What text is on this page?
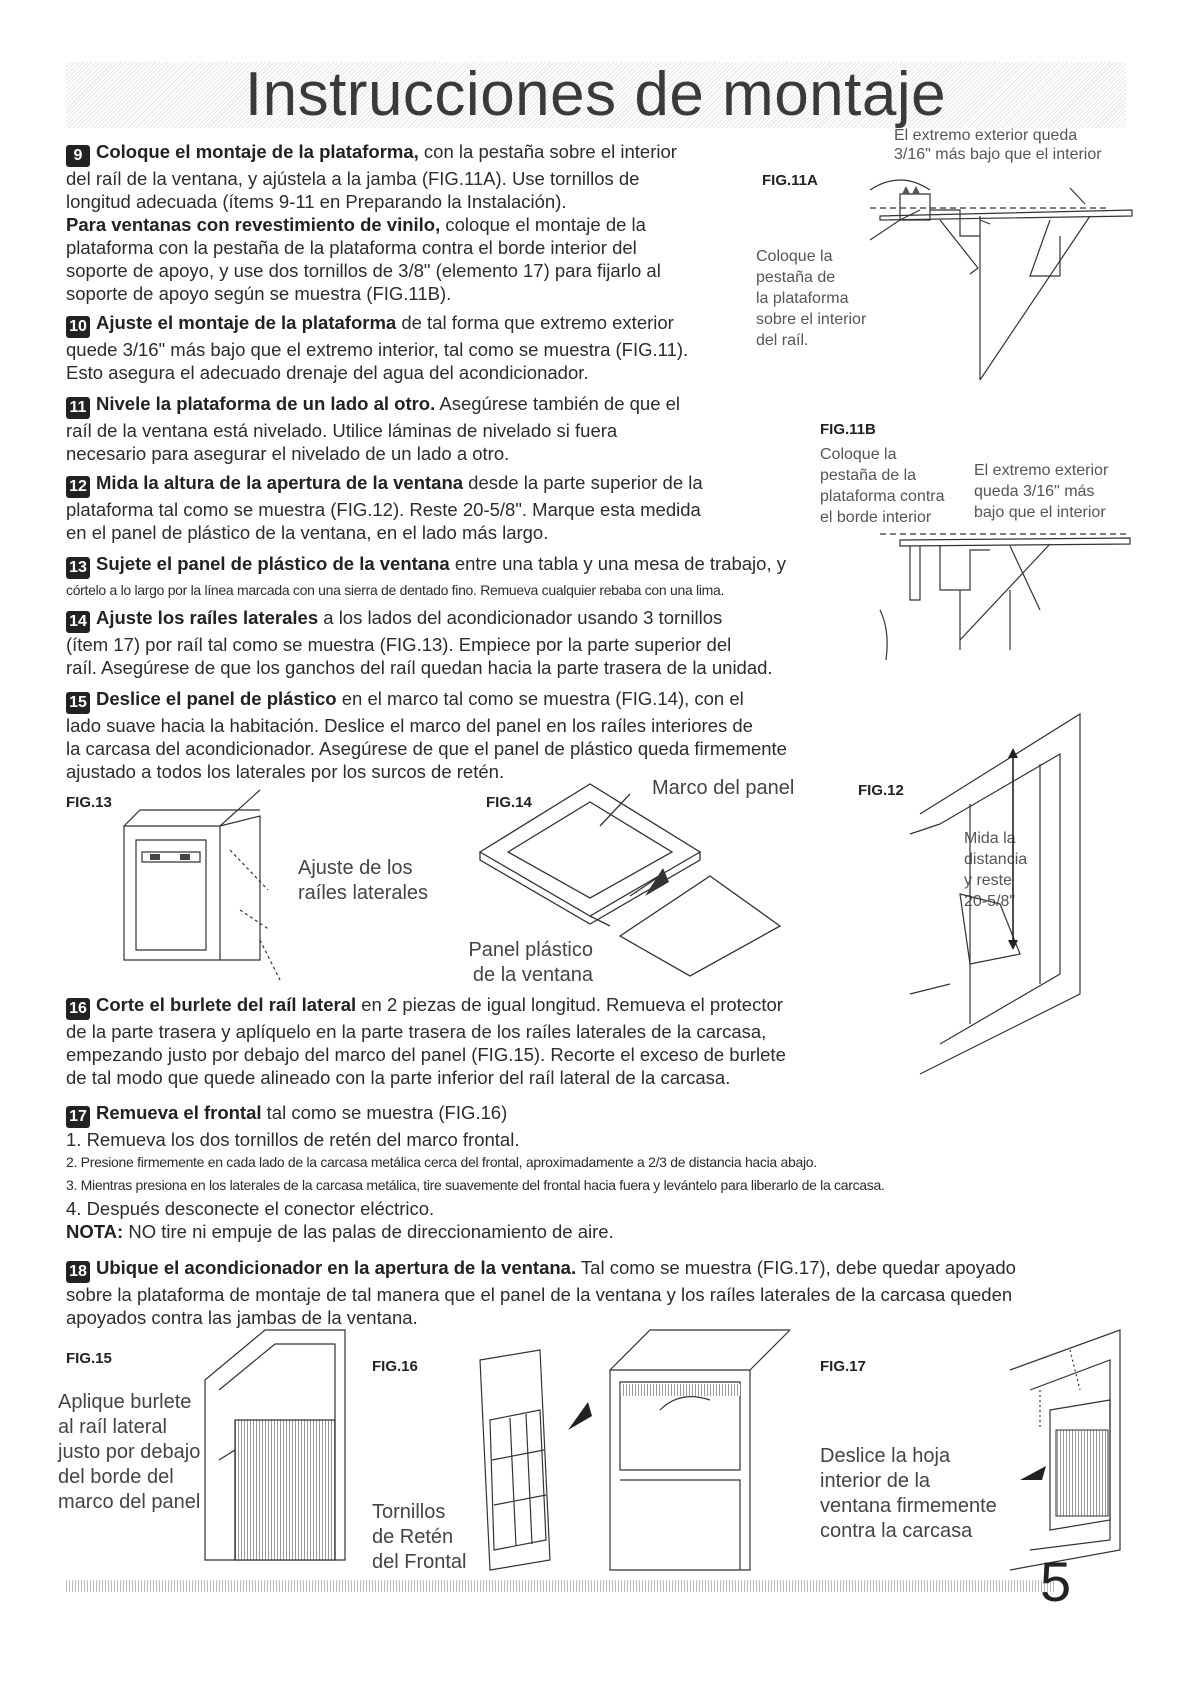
Instrucciones de montaje
9 Coloque el montaje de la plataforma, con la pestaña sobre el interior
del raíl de la ventana, y ajústela a la jamba (FIG.11A). Use tornillos de
longitud adecuada (ítems 9-11 en Preparando la Instalación).
Para ventanas con revestimiento de vinilo, coloque el montaje de la
plataforma con la pestaña de la plataforma contra el borde interior del
soporte de apoyo, y use dos tornillos de 3/8" (elemento 17) para fijarlo al
soporte de apoyo según se muestra (FIG.11B).
10 Ajuste el montaje de la plataforma de tal forma que extremo exterior
quede 3/16" más bajo que el extremo interior, tal como se muestra (FIG.11).
Esto asegura el adecuado drenaje del agua del acondicionador.
11 Nivele la plataforma de un lado al otro. Asegúrese también de que el
raíl de la ventana está nivelado. Utilice láminas de nivelado si fuera
necesario para asegurar el nivelado de un lado a otro.
12 Mida la altura de la apertura de la ventana desde la parte superior de la
plataforma tal como se muestra (FIG.12). Reste 20-5/8". Marque esta medida
en el panel de plástico de la ventana, en el lado más largo.
13 Sujete el panel de plástico de la ventana entre una tabla y una mesa de trabajo, y
córtelo a lo largo por la línea marcada con una sierra de dentado fino. Remueva cualquier rebaba con una lima.
14 Ajuste los raíles laterales a los lados del acondicionador usando 3 tornillos
(ítem 17) por raíl tal como se muestra (FIG.13). Empiece por la parte superior del
raíl. Asegúrese de que los ganchos del raíl quedan hacia la parte trasera de la unidad.
15 Deslice el panel de plástico en el marco tal como se muestra (FIG.14), con el
lado suave hacia la habitación. Deslice el marco del panel en los raíles interiores de
la carcasa del acondicionador. Asegúrese de que el panel de plástico queda firmemente
ajustado a todos los laterales por los surcos de retén.
16 Corte el burlete del raíl lateral en 2 piezas de igual longitud. Remueva el protector
de la parte trasera y aplíquelo en la parte trasera de los raíles laterales de la carcasa,
empezando justo por debajo del marco del panel (FIG.15). Recorte el exceso de burlete
de tal modo que quede alineado con la parte inferior del raíl lateral de la carcasa.
17 Remueva el frontal tal como se muestra (FIG.16)
1. Remueva los dos tornillos de retén del marco frontal.
2. Presione firmemente en cada lado de la carcasa metálica cerca del frontal, aproximadamente a 2/3 de distancia hacia abajo.
3. Mientras presiona en los laterales de la carcasa metálica, tire suavemente del frontal hacia fuera y levántelo para liberarlo de la carcasa.
4. Después desconecte el conector eléctrico.
NOTA: NO tire ni empuje de las palas de direccionamiento de aire.
18 Ubique el acondicionador en la apertura de la ventana. Tal como se muestra (FIG.17), debe quedar apoyado
sobre la plataforma de montaje de tal manera que el panel de la ventana y los raíles laterales de la carcasa queden
apoyados contra las jambas de la ventana.
El extremo exterior queda
3/16" más bajo que el interior
FIG.11A
Coloque la
pestaña de
la plataforma
sobre el interior
del raíl.
FIG.11B
Coloque la
pestaña de la
plataforma contra
el borde interior
El extremo exterior
queda 3/16" más
bajo que el interior
FIG.13
Ajuste de los
raíles laterales
FIG.14
Marco del panel
Panel plástico
de la ventana
FIG.12
Mida la
distancia
y reste
20-5/8"
FIG.15
Aplique burlete
al raíl lateral
justo por debajo
del borde del
marco del panel
FIG.16
Tornillos
de Retén
del Frontal
FIG.17
Deslice la hoja
interior de la
ventana firmemente
contra la carcasa
5
